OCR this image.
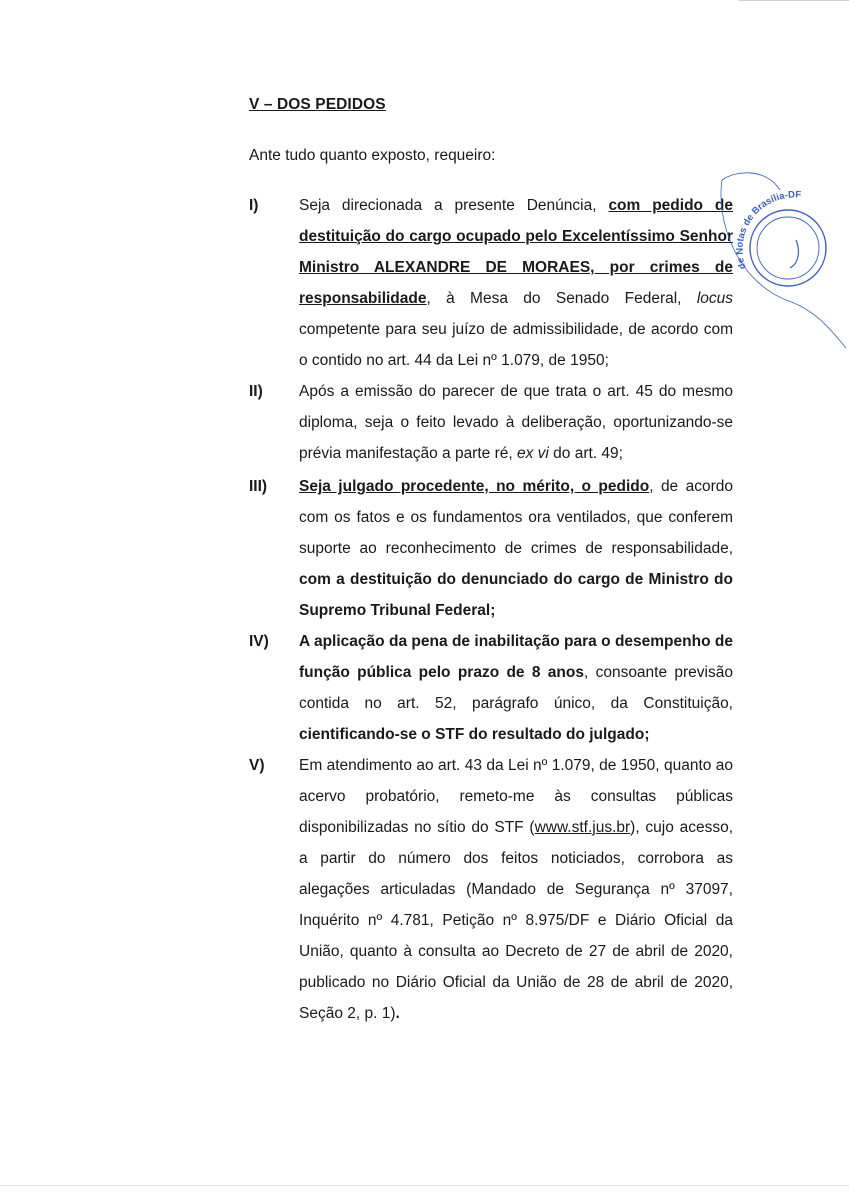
V – DOS PEDIDOS
Ante tudo quanto exposto, requeiro:
I)	Seja direcionada a presente Denúncia, com pedido de destituição do cargo ocupado pelo Excelentíssimo Senhor Ministro ALEXANDRE DE MORAES, por crimes de responsabilidade, à Mesa do Senado Federal, locus competente para seu juízo de admissibilidade, de acordo com o contido no art. 44 da Lei nº 1.079, de 1950;
II) Após a emissão do parecer de que trata o art. 45 do mesmo diploma, seja o feito levado à deliberação, oportunizando-se prévia manifestação a parte ré, ex vi do art. 49;
III) Seja julgado procedente, no mérito, o pedido, de acordo com os fatos e os fundamentos ora ventilados, que conferem suporte ao reconhecimento de crimes de responsabilidade, com a destituição do denunciado do cargo de Ministro do Supremo Tribunal Federal;
IV) A aplicação da pena de inabilitação para o desempenho de função pública pelo prazo de 8 anos, consoante previsão contida no art. 52, parágrafo único, da Constituição, cientificando-se o STF do resultado do julgado;
V) Em atendimento ao art. 43 da Lei nº 1.079, de 1950, quanto ao acervo probatório, remeto-me às consultas públicas disponibilizadas no sítio do STF (www.stf.jus.br), cujo acesso, a partir do número dos feitos noticiados, corrobora as alegações articuladas (Mandado de Segurança nº 37097, Inquérito nº 4.781, Petição nº 8.975/DF e Diário Oficial da União, quanto à consulta ao Decreto de 27 de abril de 2020, publicado no Diário Oficial da União de 28 de abril de 2020, Seção 2, p. 1).
de Notas de Brasília-DF
